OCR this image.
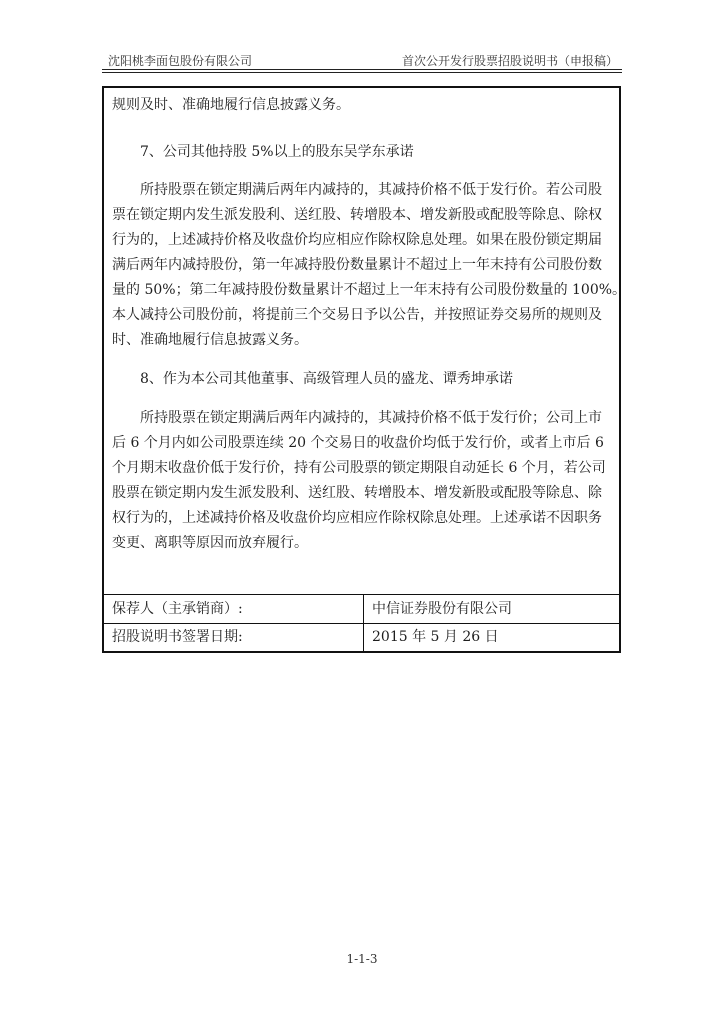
沈阳桃李面包股份有限公司	首次公开发行股票招股说明书（申报稿）
规则及时、准确地履行信息披露义务。
7、公司其他持股 5%以上的股东吴学东承诺
所持股票在锁定期满后两年内减持的，其减持价格不低于发行价。若公司股
票在锁定期内发生派发股利、送红股、转增股本、增发新股或配股等除息、除权
行为的，上述减持价格及收盘价均应相应作除权除息处理。如果在股份锁定期届
满后两年内减持股份，第一年减持股份数量累计不超过上一年末持有公司股份数
量的 50%；第二年减持股份数量累计不超过上一年末持有公司股份数量的 100%。
本人减持公司股份前，将提前三个交易日予以公告，并按照证券交易所的规则及
时、准确地履行信息披露义务。
8、作为本公司其他董事、高级管理人员的盛龙、谭秀坤承诺
所持股票在锁定期满后两年内减持的，其减持价格不低于发行价；公司上市
后 6 个月内如公司股票连续 20 个交易日的收盘价均低于发行价，或者上市后 6
个月期末收盘价低于发行价，持有公司股票的锁定期限自动延长 6 个月，若公司
股票在锁定期内发生派发股利、送红股、转增股本、增发新股或配股等除息、除
权行为的，上述减持价格及收盘价均应相应作除权除息处理。上述承诺不因职务
变更、离职等原因而放弃履行。
保荐人（主承销商）:	中信证券股份有限公司
招股说明书签署日期:	2015 年 5 月 26 日
1-1-3
